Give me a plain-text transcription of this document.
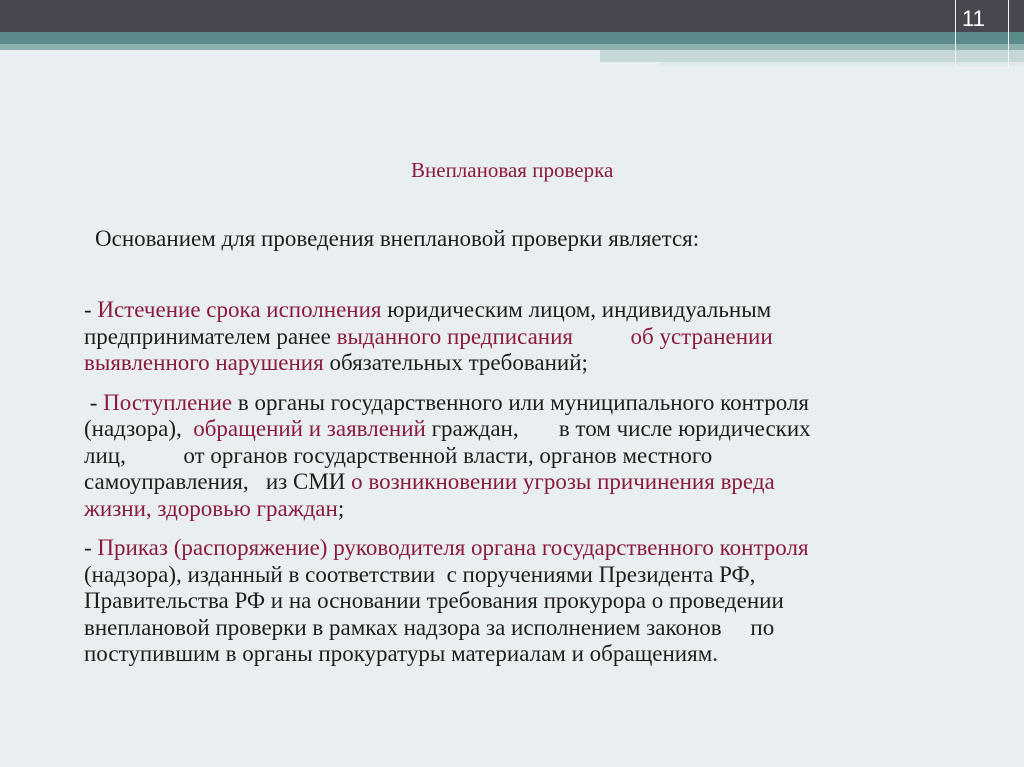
11
Внеплановая проверка
Основанием для проведения внеплановой проверки является:
- Истечение срока исполнения юридическим лицом, индивидуальным
предпринимателем ранее выданного предписания	об устранении
выявленного нарушения обязательных требований;
- Поступление в органы государственного или муниципального контроля
(надзора),  обращений и заявлений граждан,       в том числе юридических
лиц,          от органов государственной власти, органов местного
самоуправления,   из СМИ о возникновении угрозы причинения вреда
жизни, здоровью граждан;
- Приказ (распоряжение) руководителя органа государственного контроля
(надзора), изданный в соответствии  с поручениями Президента РФ,
Правительства РФ и на основании требования прокурора о проведении
внеплановой проверки в рамках надзора за исполнением законов     по
поступившим в органы прокуратуры материалам и обращениям.
